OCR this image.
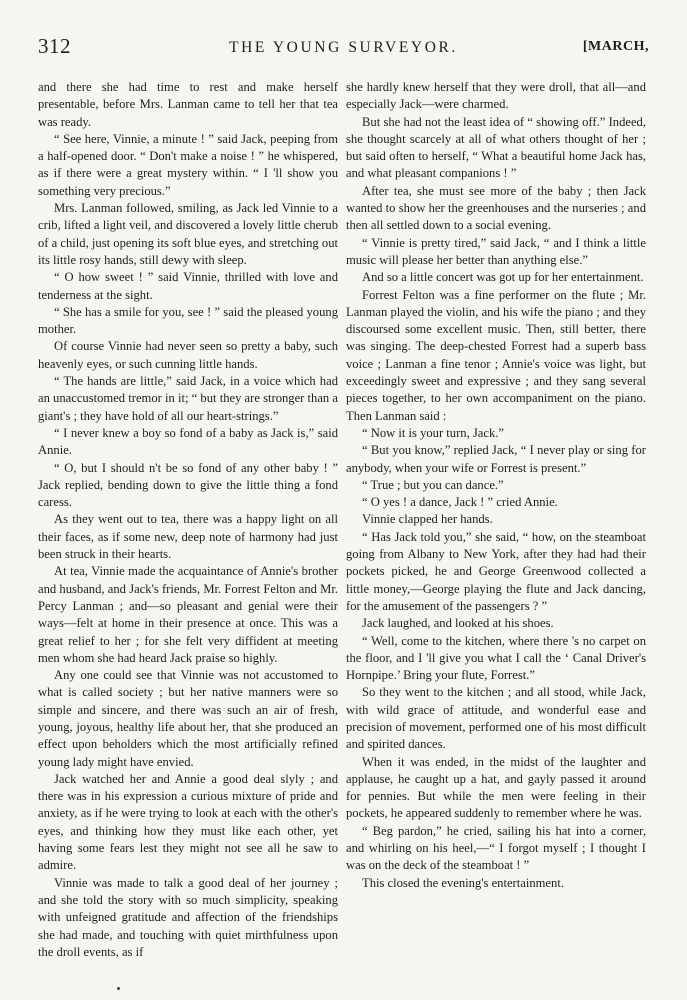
312	THE YOUNG SURVEYOR.	[MARCH,

and there she had time to rest and make herself presentable, before Mrs. Lanman came to tell her that tea was ready.

“ See here, Vinnie, a minute ! ” said Jack, peeping from a half-opened door. “ Don't make a noise ! ” he whispered, as if there were a great mystery within. “ I 'll show you something very precious.”

Mrs. Lanman followed, smiling, as Jack led Vinnie to a crib, lifted a light veil, and discovered a lovely little cherub of a child, just opening its soft blue eyes, and stretching out its little rosy hands, still dewy with sleep.

“ O how sweet ! ” said Vinnie, thrilled with love and tenderness at the sight.

“ She has a smile for you, see ! ” said the pleased young mother.

Of course Vinnie had never seen so pretty a baby, such heavenly eyes, or such cunning little hands.

“ The hands are little,” said Jack, in a voice which had an unaccustomed tremor in it; “ but they are stronger than a giant's ; they have hold of all our heart-strings.”

“ I never knew a boy so fond of a baby as Jack is,” said Annie.

“ O, but I should n't be so fond of any other baby ! ” Jack replied, bending down to give the little thing a fond caress.

As they went out to tea, there was a happy light on all their faces, as if some new, deep note of harmony had just been struck in their hearts.

At tea, Vinnie made the acquaintance of Annie's brother and husband, and Jack's friends, Mr. Forrest Felton and Mr. Percy Lanman ; and—so pleasant and genial were their ways—felt at home in their presence at once. This was a great relief to her ; for she felt very diffident at meeting men whom she had heard Jack praise so highly.

Any one could see that Vinnie was not accustomed to what is called society ; but her native manners were so simple and sincere, and there was such an air of fresh, young, joyous, healthy life about her, that she produced an effect upon beholders which the most artificially refined young lady might have envied.

Jack watched her and Annie a good deal slyly ; and there was in his expression a curious mixture of pride and anxiety, as if he were trying to look at each with the other's eyes, and thinking how they must like each other, yet having some fears lest they might not see all he saw to admire.

Vinnie was made to talk a good deal of her journey ; and she told the story with so much simplicity, speaking with unfeigned gratitude and affection of the friendships she had made, and touching with quiet mirthfulness upon the droll events, as if

she hardly knew herself that they were droll, that all—and especially Jack—were charmed.

But she had not the least idea of “ showing off.” Indeed, she thought scarcely at all of what others thought of her ; but said often to herself, “ What a beautiful home Jack has, and what pleasant companions ! ”

After tea, she must see more of the baby ; then Jack wanted to show her the greenhouses and the nurseries ; and then all settled down to a social evening.

“ Vinnie is pretty tired,” said Jack, “ and I think a little music will please her better than anything else.”

And so a little concert was got up for her entertainment.

Forrest Felton was a fine performer on the flute ; Mr. Lanman played the violin, and his wife the piano ; and they discoursed some excellent music. Then, still better, there was singing. The deep-chested Forrest had a superb bass voice ; Lanman a fine tenor ; Annie's voice was light, but exceedingly sweet and expressive ; and they sang several pieces together, to her own accompaniment on the piano. Then Lanman said :

“ Now it is your turn, Jack.”

“ But you know,” replied Jack, “ I never play or sing for anybody, when your wife or Forrest is present.”

“ True ; but you can dance.”

“ O yes ! a dance, Jack ! ” cried Annie.

Vinnie clapped her hands.

“ Has Jack told you,” she said, “ how, on the steamboat going from Albany to New York, after they had had their pockets picked, he and George Greenwood collected a little money,—George playing the flute and Jack dancing, for the amusement of the passengers ? ”

Jack laughed, and looked at his shoes.

“ Well, come to the kitchen, where there 's no carpet on the floor, and I 'll give you what I call the ‘ Canal Driver's Hornpipe.’ Bring your flute, Forrest.”

So they went to the kitchen ; and all stood, while Jack, with wild grace of attitude, and wonderful ease and precision of movement, performed one of his most difficult and spirited dances.

When it was ended, in the midst of the laughter and applause, he caught up a hat, and gayly passed it around for pennies. But while the men were feeling in their pockets, he appeared suddenly to remember where he was.

“ Beg pardon,” he cried, sailing his hat into a corner, and whirling on his heel,—“ I forgot myself ; I thought I was on the deck of the steamboat ! ”

This closed the evening's entertainment.
